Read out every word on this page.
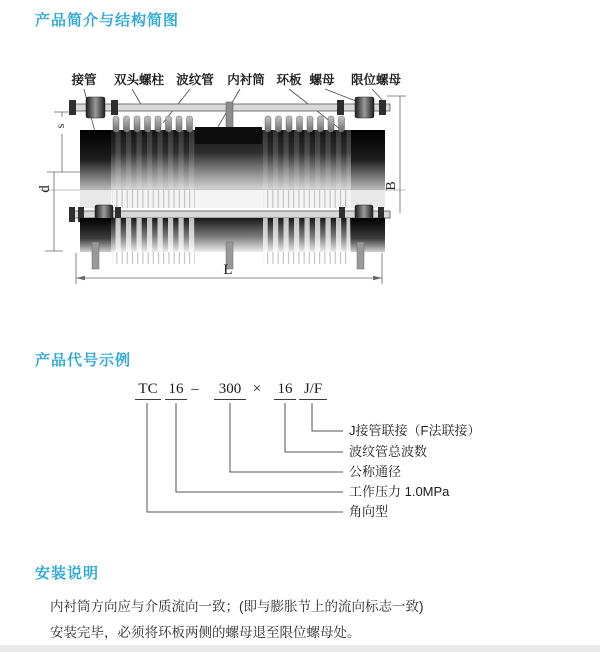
产品简介与结构简图
接管 双头螺柱 波纹管 内衬筒 环板 螺母 限位螺母
s
d	B
L
产品代号示例
TC 16 –	300 × 16 J/F
J接管联接（F法联接）
波纹管总波数
公称通径
工作压力 1.0MPa
角向型
安装说明

内衬筒方向应与介质流向一致；(即与膨胀节上的流向标志一致)

安装完毕，必须将环板两侧的螺母退至限位螺母处。
